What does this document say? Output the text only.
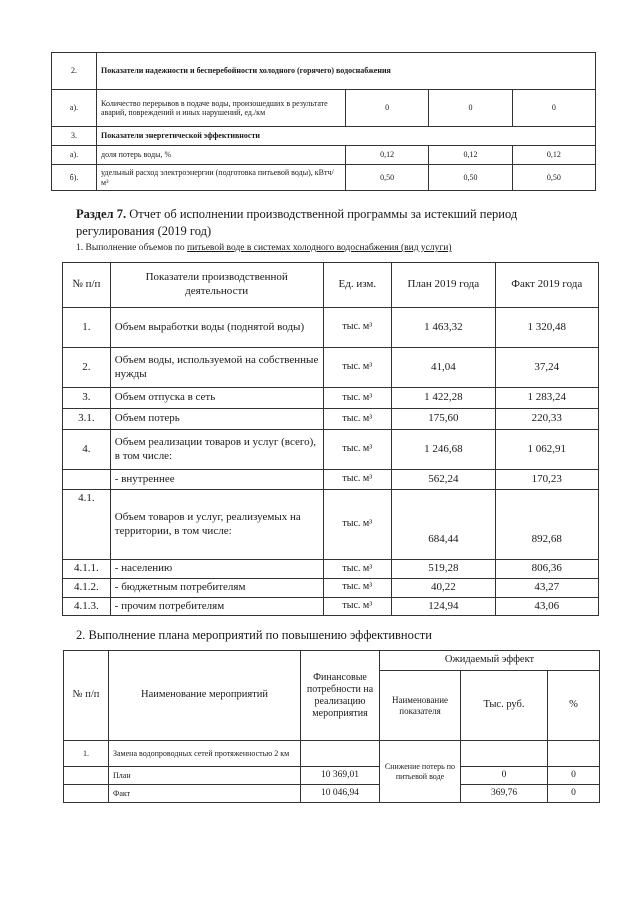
2.	Показатели надежности и бесперебойности холодного (горячего) водоснабжения			
а).	Количество перерывов в подаче воды, произошедших в результате аварий, повреждений и иных нарушений, ед./км	0	0	0
3.	Показатели энергетической эффективности			
а).	доля потерь воды, %	0,12	0,12	0,12
б).	удельный расход электроэнергии (подготовка питьевой воды), кВтч/м³	0,50	0,50	0,50
Раздел 7. Отчет об исполнении производственной программы за истекший период регулирования (2019 год)
1. Выполнение объемов по питьевой воде в системах холодного водоснабжения (вид услуги)
№ п/п	Показатели производственной деятельности	Ед. изм.	План 2019 года	Факт 2019 года
1.	Объем выработки воды (поднятой воды)	тыс. м³	1 463,32	1 320,48
2.	Объем воды, используемой на собственные нужды	тыс. м³	41,04	37,24
3.	Объем отпуска в сеть	тыс. м³	1 422,28	1 283,24
3.1.	Объем потерь	тыс. м³	175,60	220,33
4.	Объем реализации товаров и услуг (всего), в том числе:	тыс. м³	1 246,68	1 062,91
	- внутреннее	тыс. м³	562,24	170,23
4.1.	Объем товаров и услуг, реализуемых на территории, в том числе:	тыс. м³	684,44	892,68
4.1.1.	- населению	тыс. м³	519,28	806,36
4.1.2.	- бюджетным потребителям	тыс. м³	40,22	43,27
4.1.3.	- прочим потребителям	тыс. м³	124,94	43,06
2. Выполнение плана мероприятий по повышению эффективности
№ п/п	Наименование мероприятий	Финансовые потребности на реализацию мероприятия	Ожидаемый эффект		
			Наименование показателя	Тыс. руб.	%
1.	Замена водопроводных сетей протяженностью 2 км		Снижение потерь по питьевой воде		
	План	10 369,01		0	0
	Факт	10 046,94		369,76	0
